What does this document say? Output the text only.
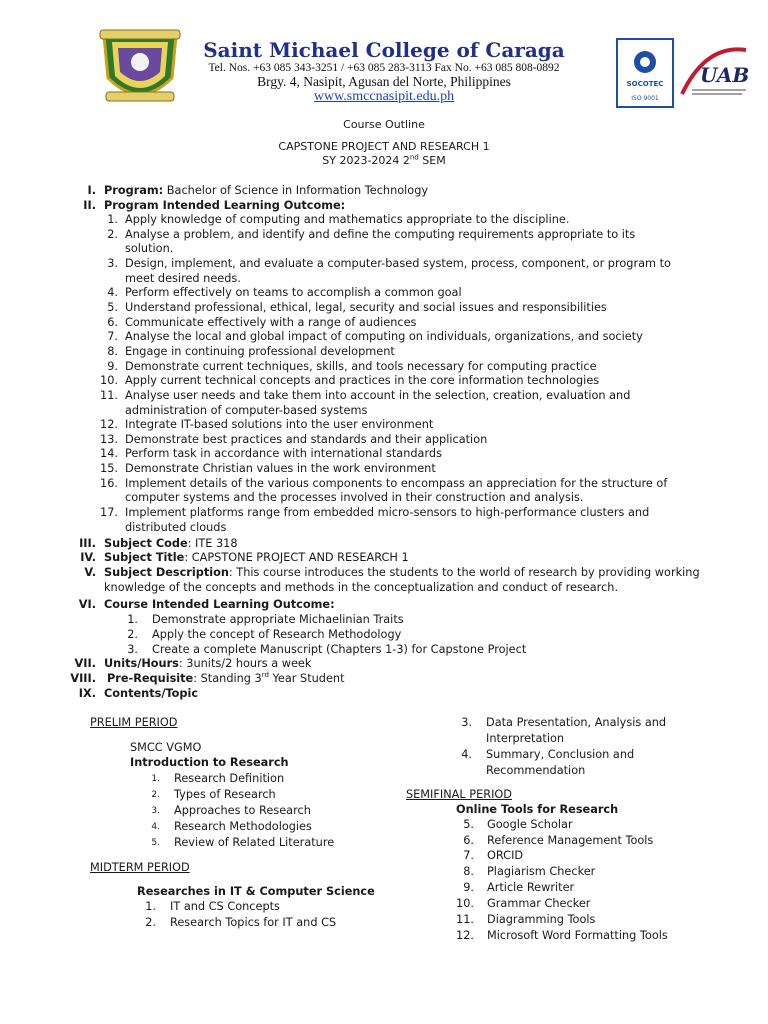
Saint Michael College of Caraga
Tel. Nos. +63 085 343-3251 / +63 085 283-3113 Fax No. +63 085 808-0892
Brgy. 4, Nasipit, Agusan del Norte, Philippines
www.smccnasipit.edu.ph
SOCOTEC
ISO 9001
UAB
Course Outline
CAPSTONE PROJECT AND RESEARCH 1
SY 2023-2024 2nd SEM
I. Program: Bachelor of Science in Information Technology
II. Program Intended Learning Outcome:
1. Apply knowledge of computing and mathematics appropriate to the discipline.
2. Analyse a problem, and identify and define the computing requirements appropriate to its
solution.
3. Design, implement, and evaluate a computer-based system, process, component, or program to
meet desired needs.
4. Perform effectively on teams to accomplish a common goal
5. Understand professional, ethical, legal, security and social issues and responsibilities
6. Communicate effectively with a range of audiences
7. Analyse the local and global impact of computing on individuals, organizations, and society
8. Engage in continuing professional development
9. Demonstrate current techniques, skills, and tools necessary for computing practice
10. Apply current technical concepts and practices in the core information technologies
11. Analyse user needs and take them into account in the selection, creation, evaluation and
administration of computer-based systems
12. Integrate IT-based solutions into the user environment
13. Demonstrate best practices and standards and their application
14. Perform task in accordance with international standards
15. Demonstrate Christian values in the work environment
16. Implement details of the various components to encompass an appreciation for the structure of
computer systems and the processes involved in their construction and analysis.
17. Implement platforms range from embedded micro-sensors to high-performance clusters and
distributed clouds
III. Subject Code: ITE 318
IV. Subject Title: CAPSTONE PROJECT AND RESEARCH 1
V. Subject Description: This course introduces the students to the world of research by providing working
knowledge of the concepts and methods in the conceptualization and conduct of research.
VI. Course Intended Learning Outcome:
1. Demonstrate appropriate Michaelinian Traits
2. Apply the concept of Research Methodology
3. Create a complete Manuscript (Chapters 1-3) for Capstone Project
VII. Units/Hours: 3units/2 hours a week
VIII. Pre-Requisite: Standing 3rd Year Student
IX. Contents/Topic
PRELIM PERIOD
SMCC VGMO
Introduction to Research
1. Research Definition
2. Types of Research
3. Approaches to Research
4. Research Methodologies
5. Review of Related Literature
MIDTERM PERIOD
Researches in IT & Computer Science
1. IT and CS Concepts
2. Research Topics for IT and CS
3. Data Presentation, Analysis and
Interpretation
4. Summary, Conclusion and
Recommendation
SEMIFINAL PERIOD
Online Tools for Research
5. Google Scholar
6. Reference Management Tools
7. ORCID
8. Plagiarism Checker
9. Article Rewriter
10. Grammar Checker
11. Diagramming Tools
12. Microsoft Word Formatting Tools
